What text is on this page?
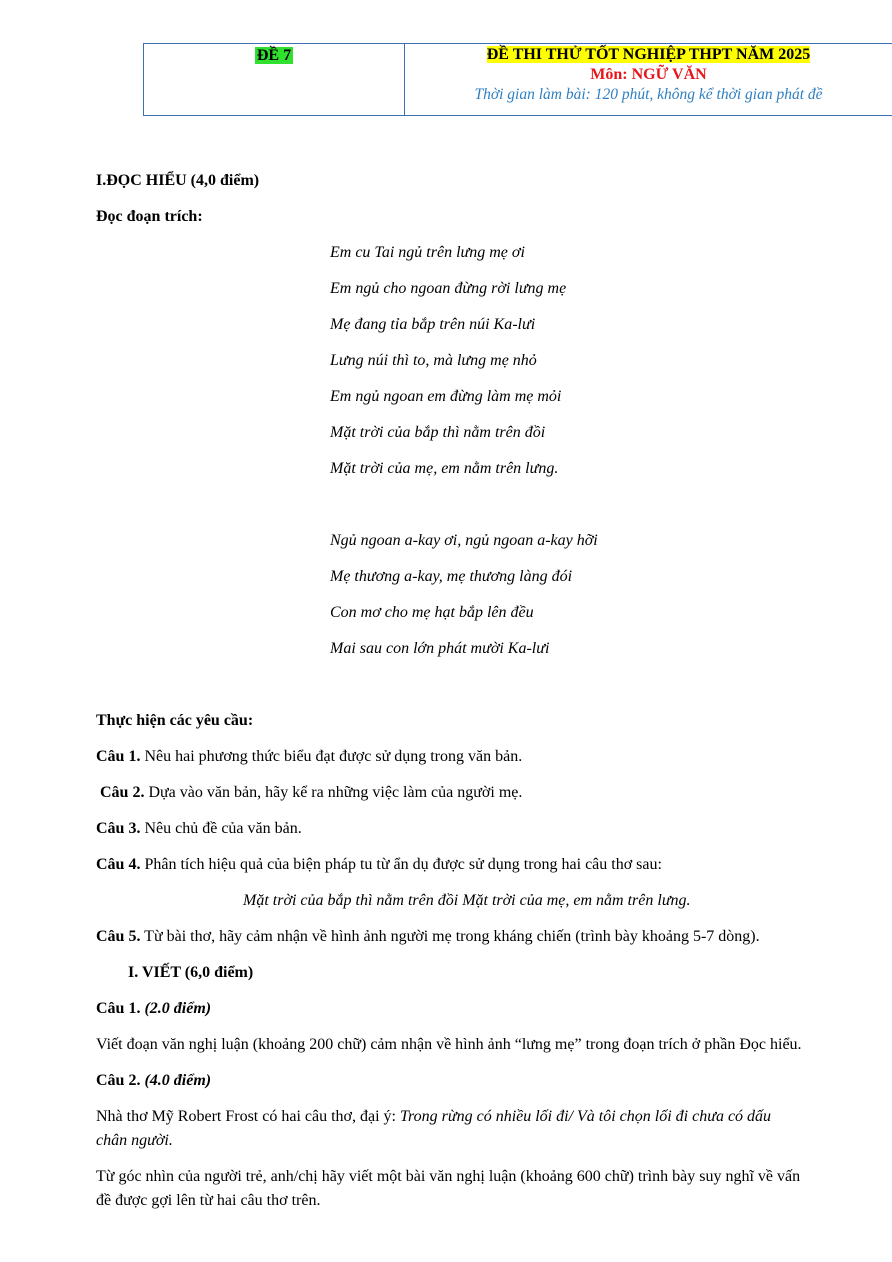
ĐỀ 7	ĐỀ THI THỬ TỐT NGHIỆP THPT NĂM 2025
Môn: NGỮ VĂN
Thời gian làm bài: 120 phút, không kể thời gian phát đề
I.ĐỌC HIỂU (4,0 điểm)
Đọc đoạn trích:
Em cu Tai ngủ trên lưng mẹ ơi
Em ngủ cho ngoan đừng rời lưng mẹ
Mẹ đang tỉa bắp trên núi Ka-lưi
Lưng núi thì to, mà lưng mẹ nhỏ
Em ngủ ngoan em đừng làm mẹ mỏi
Mặt trời của bắp thì nằm trên đồi
Mặt trời của mẹ, em nằm trên lưng.
Ngủ ngoan a-kay ơi, ngủ ngoan a-kay hỡi
Mẹ thương a-kay, mẹ thương làng đói
Con mơ cho mẹ hạt bắp lên đều
Mai sau con lớn phát mười Ka-lưi
Thực hiện các yêu cầu:
Câu 1. Nêu hai phương thức biểu đạt được sử dụng trong văn bản.
Câu 2. Dựa vào văn bản, hãy kể ra những việc làm của người mẹ.
Câu 3. Nêu chủ đề của văn bản.
Câu 4. Phân tích hiệu quả của biện pháp tu từ ẩn dụ được sử dụng trong hai câu thơ sau:
Mặt trời của bắp thì nằm trên đồi Mặt trời của mẹ, em nằm trên lưng.
Câu 5. Từ bài thơ, hãy cảm nhận về hình ảnh người mẹ trong kháng chiến (trình bày khoảng 5-7 dòng).
I. VIẾT (6,0 điểm)
Câu 1. (2.0 điểm)
Viết đoạn văn nghị luận (khoảng 200 chữ) cảm nhận về hình ảnh “lưng mẹ” trong đoạn trích ở phần Đọc hiểu.
Câu 2. (4.0 điểm)
Nhà thơ Mỹ Robert Frost có hai câu thơ, đại ý: Trong rừng có nhiều lối đi/ Và tôi chọn lối đi chưa có dấu
chân người.
Từ góc nhìn của người trẻ, anh/chị hãy viết một bài văn nghị luận (khoảng 600 chữ) trình bày suy nghĩ về vấn
đề được gợi lên từ hai câu thơ trên.
